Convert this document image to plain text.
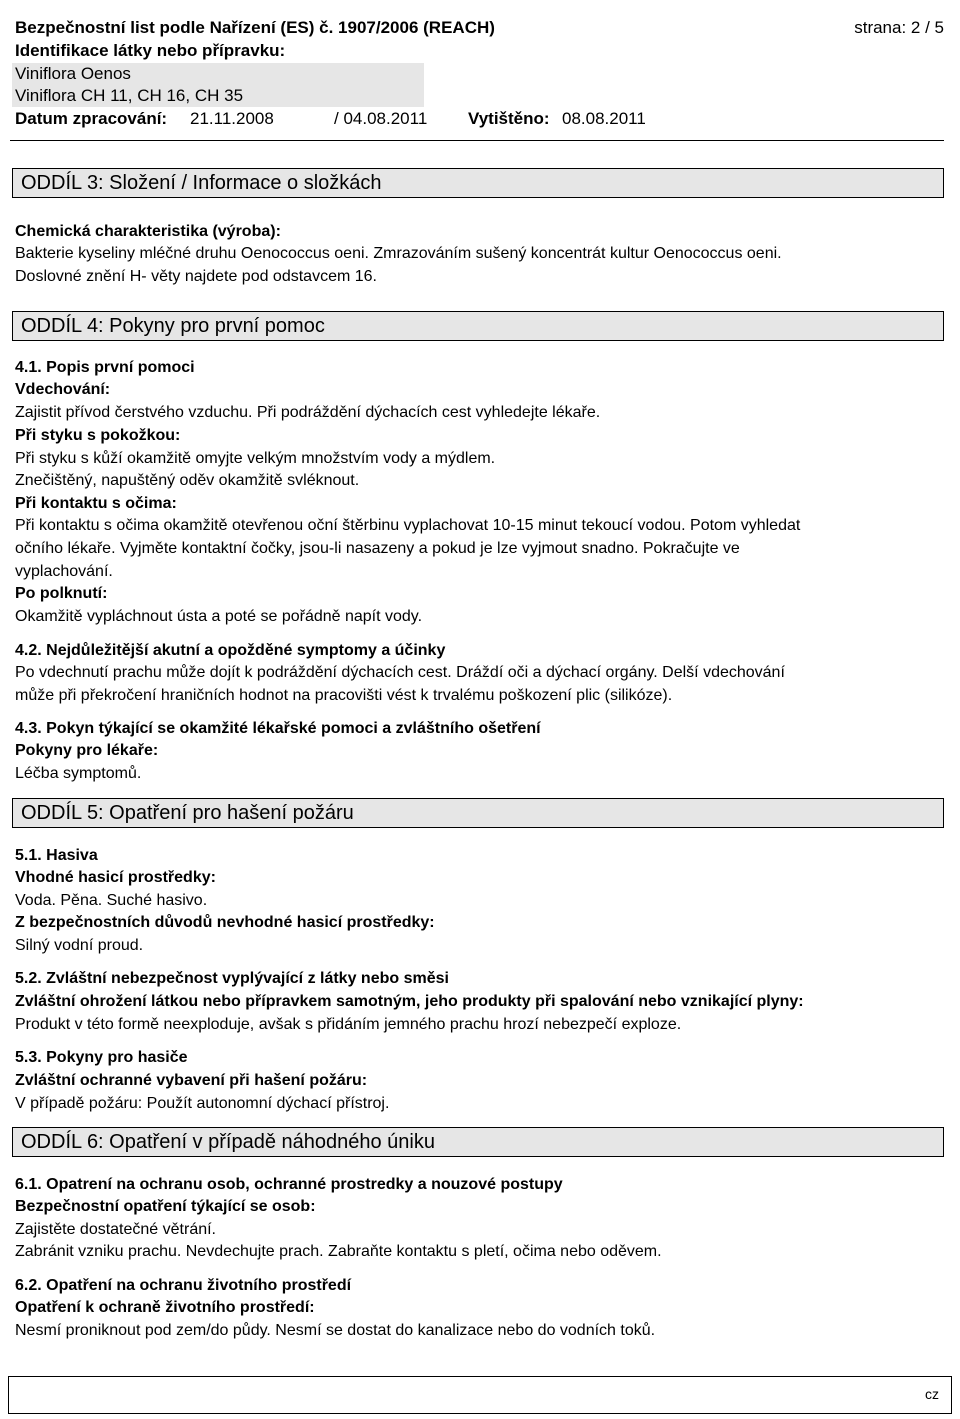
Bezpečnostní list podle Nařízení (ES) č. 1907/2006 (REACH)	strana: 2 / 5
Identifikace látky nebo přípravku:
Viniflora Oenos
Viniflora CH 11, CH 16, CH 35
Datum zpracování: 21.11.2008	/ 04.08.2011 Vytištěno: 08.08.2011
ODDÍL 3: Složení / Informace o složkách
Chemická charakteristika (výroba):
Bakterie kyseliny mléčné druhu Oenococcus oeni. Zmrazováním sušený koncentrát kultur Oenococcus oeni.
Doslovné znění H- věty najdete pod odstavcem 16.
ODDÍL 4: Pokyny pro první pomoc
4.1. Popis první pomoci
Vdechování:
Zajistit přívod čerstvého vzduchu. Při podráždění dýchacích cest vyhledejte lékaře.
Při styku s pokožkou:
Při styku s kůží okamžitě omyjte velkým množstvím vody a mýdlem.
Znečištěný, napuštěný oděv okamžitě svléknout.
Při kontaktu s očima:
Při kontaktu s očima okamžitě otevřenou oční štěrbinu vyplachovat 10-15 minut tekoucí vodou. Potom vyhledat
očního lékaře. Vyjměte kontaktní čočky, jsou-li nasazeny a pokud je lze vyjmout snadno. Pokračujte ve
vyplachování.
Po polknutí:
Okamžitě vypláchnout ústa a poté se pořádně napít vody.
4.2. Nejdůležitější akutní a opožděné symptomy a účinky
Po vdechnutí prachu může dojít k podráždění dýchacích cest. Dráždí oči a dýchací orgány. Delší vdechování
může při překročení hraničních hodnot na pracovišti vést k trvalému poškození plic (silikóze).
4.3. Pokyn týkající se okamžité lékařské pomoci a zvláštního ošetření
Pokyny pro lékaře:
Léčba symptomů.
ODDÍL 5: Opatření pro hašení požáru
5.1. Hasiva
Vhodné hasicí prostředky:
Voda. Pěna. Suché hasivo.
Z bezpečnostních důvodů nevhodné hasicí prostředky:
Silný vodní proud.
5.2. Zvláštní nebezpečnost vyplývající z látky nebo směsi
Zvláštní ohrožení látkou nebo přípravkem samotným, jeho produkty při spalování nebo vznikající plyny:
Produkt v této formě neexploduje, avšak s přidáním jemného prachu hrozí nebezpečí exploze.
5.3. Pokyny pro hasiče
Zvláštní ochranné vybavení při hašení požáru:
V případě požáru: Použít autonomní dýchací přístroj.
ODDÍL 6: Opatření v případě náhodného úniku
6.1. Opatrení na ochranu osob, ochranné prostredky a nouzové postupy
Bezpečnostní opatření týkající se osob:
Zajistěte dostatečné větrání.
Zabránit vzniku prachu. Nevdechujte prach. Zabraňte kontaktu s pletí, očima nebo oděvem.
6.2. Opatření na ochranu životního prostředí
Opatření k ochraně životního prostředí:
Nesmí proniknout pod zem/do půdy. Nesmí se dostat do kanalizace nebo do vodních toků.
cz
